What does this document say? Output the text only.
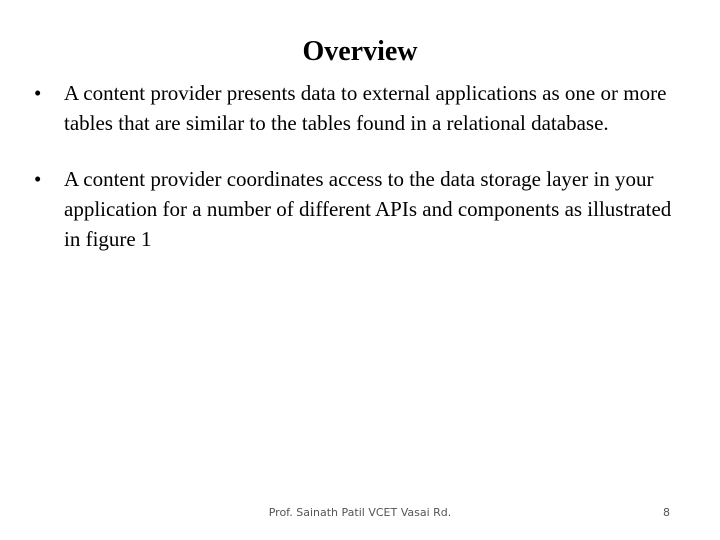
Overview
•	A content provider presents data to external applications as one or more tables that are similar to the tables found in a relational database.
•	A content provider coordinates access to the data storage layer in your application for a number of different APIs and components as illustrated in figure 1
Prof. Sainath Patil VCET Vasai Rd.	8
